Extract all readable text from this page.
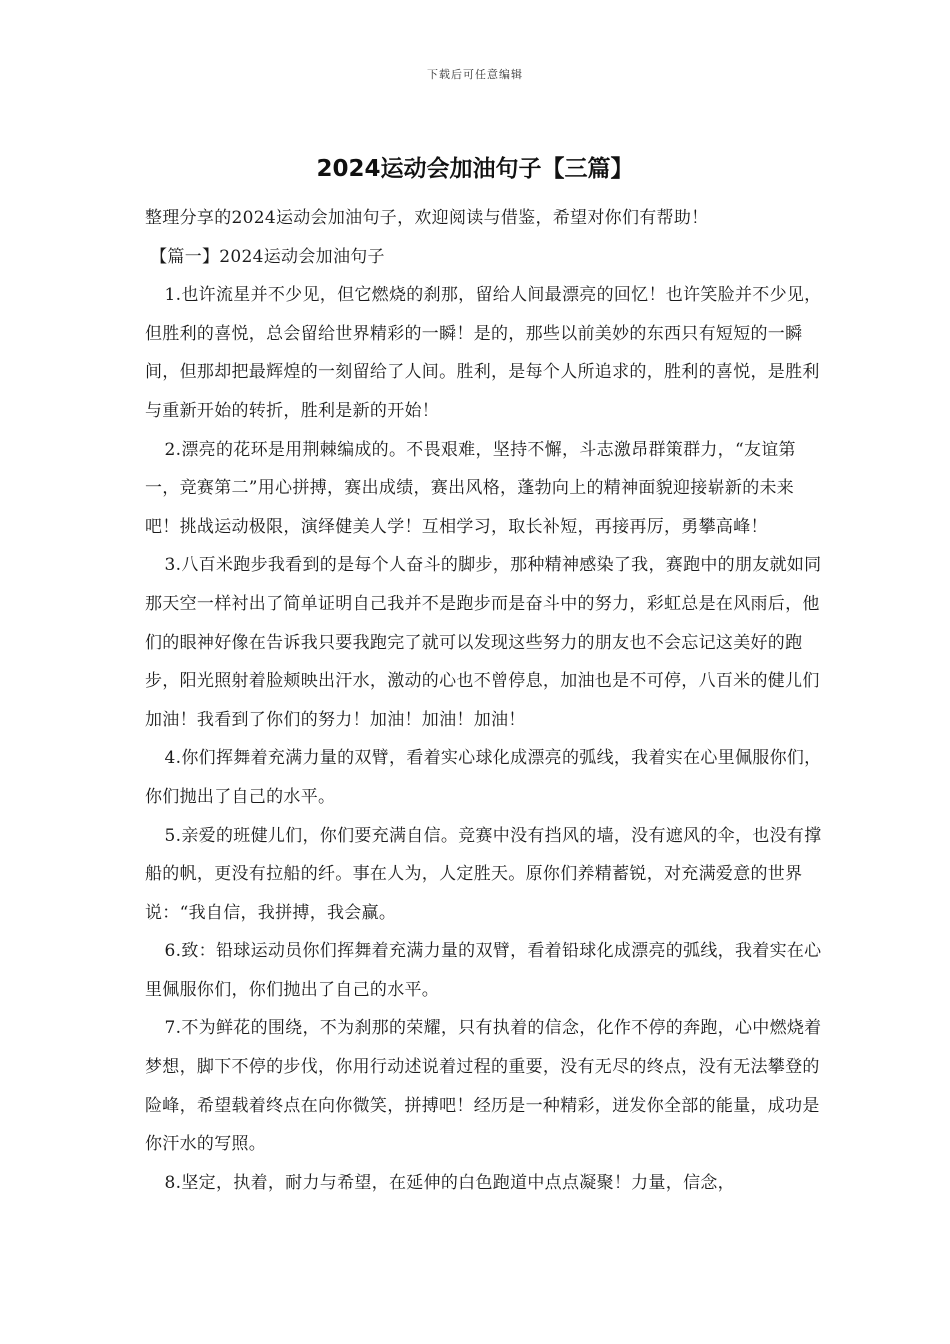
下载后可任意编辑
2024运动会加油句子【三篇】

整理分享的2024运动会加油句子，欢迎阅读与借鉴，希望对你们有帮助！

【篇一】2024运动会加油句子

1.也许流星并不少见，但它燃烧的刹那，留给人间最漂亮的回忆！也许笑脸并不少见，但胜利的喜悦，总会留给世界精彩的一瞬！是的，那些以前美妙的东西只有短短的一瞬间，但那却把最辉煌的一刻留给了人间。胜利，是每个人所追求的，胜利的喜悦，是胜利与重新开始的转折，胜利是新的开始！

2.漂亮的花环是用荆棘编成的。不畏艰难，坚持不懈，斗志激昂群策群力，“友谊第一，竞赛第二”用心拼搏，赛出成绩，赛出风格，蓬勃向上的精神面貌迎接崭新的未来吧！挑战运动极限，演绎健美人学！互相学习，取长补短，再接再厉，勇攀高峰！

3.八百米跑步我看到的是每个人奋斗的脚步，那种精神感染了我，赛跑中的朋友就如同那天空一样衬出了简单证明自己我并不是跑步而是奋斗中的努力，彩虹总是在风雨后，他们的眼神好像在告诉我只要我跑完了就可以发现这些努力的朋友也不会忘记这美好的跑步，阳光照射着脸颊映出汗水，激动的心也不曾停息，加油也是不可停，八百米的健儿们加油！我看到了你们的努力！加油！加油！加油！

4.你们挥舞着充满力量的双臂，看着实心球化成漂亮的弧线，我着实在心里佩服你们，你们抛出了自己的水平。

5.亲爱的班健儿们，你们要充满自信。竞赛中没有挡风的墙，没有遮风的伞，也没有撑船的帆，更没有拉船的纤。事在人为，人定胜天。原你们养精蓄锐，对充满爱意的世界说：“我自信，我拼搏，我会赢。

6.致：铅球运动员你们挥舞着充满力量的双臂，看着铅球化成漂亮的弧线，我着实在心里佩服你们，你们抛出了自己的水平。

7.不为鲜花的围绕，不为刹那的荣耀，只有执着的信念，化作不停的奔跑，心中燃烧着梦想，脚下不停的步伐，你用行动述说着过程的重要，没有无尽的终点，没有无法攀登的险峰，希望载着终点在向你微笑，拼搏吧！经历是一种精彩，迸发你全部的能量，成功是你汗水的写照。

8.坚定，执着，耐力与希望，在延伸的白色跑道中点点凝聚！力量，信念，
